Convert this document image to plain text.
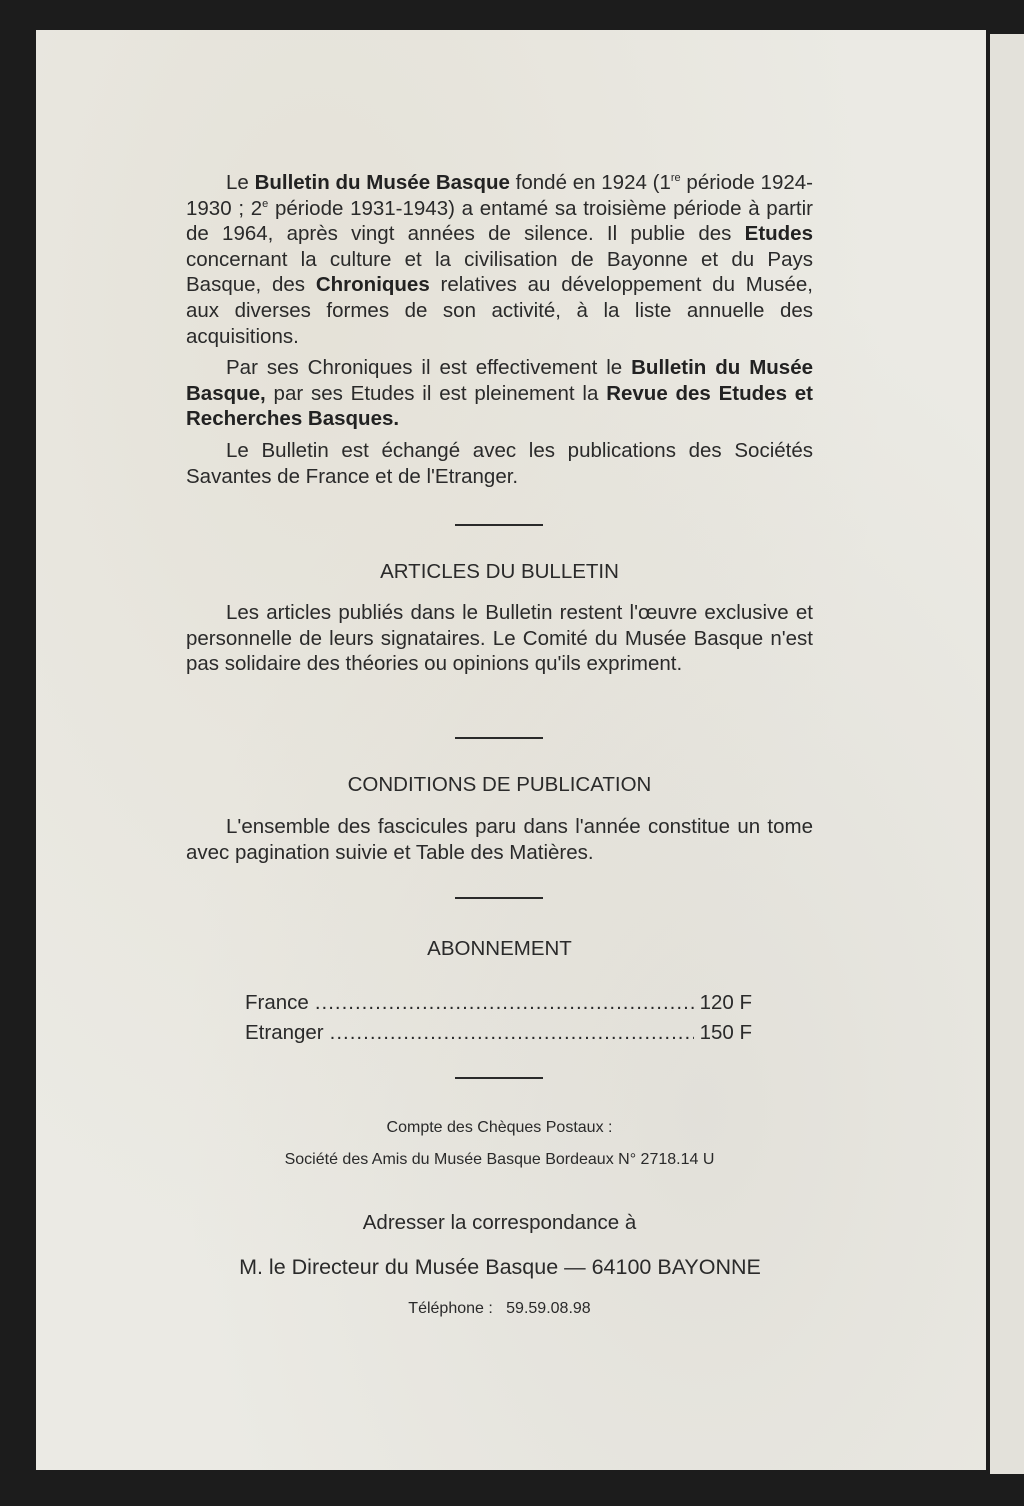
Le Bulletin du Musée Basque fondé en 1924 (1re période 1924-1930 ; 2e période 1931-1943) a entamé sa troisième période à partir de 1964, après vingt années de silence. Il publie des Etudes concernant la culture et la civilisation de Bayonne et du Pays Basque, des Chroniques relatives au développement du Musée, aux diverses formes de son activité, à la liste annuelle des acquisitions.

Par ses Chroniques il est effectivement le Bulletin du Musée Basque, par ses Etudes il est pleinement la Revue des Etudes et Recherches Basques.

Le Bulletin est échangé avec les publications des Sociétés Savantes de France et de l'Etranger.

ARTICLES DU BULLETIN

Les articles publiés dans le Bulletin restent l'œuvre exclusive et personnelle de leurs signataires. Le Comité du Musée Basque n'est pas solidaire des théories ou opinions qu'ils expriment.

CONDITIONS DE PUBLICATION

L'ensemble des fascicules paru dans l'année constitue un tome avec pagination suivie et Table des Matières.

ABONNEMENT
France .....	120 F
Etranger .....	150 F
Compte des Chèques Postaux :
Société des Amis du Musée Basque Bordeaux N° 2718.14 U
Adresser la correspondance à
M. le Directeur du Musée Basque — 64100 BAYONNE
Téléphone : 59.59.08.98
